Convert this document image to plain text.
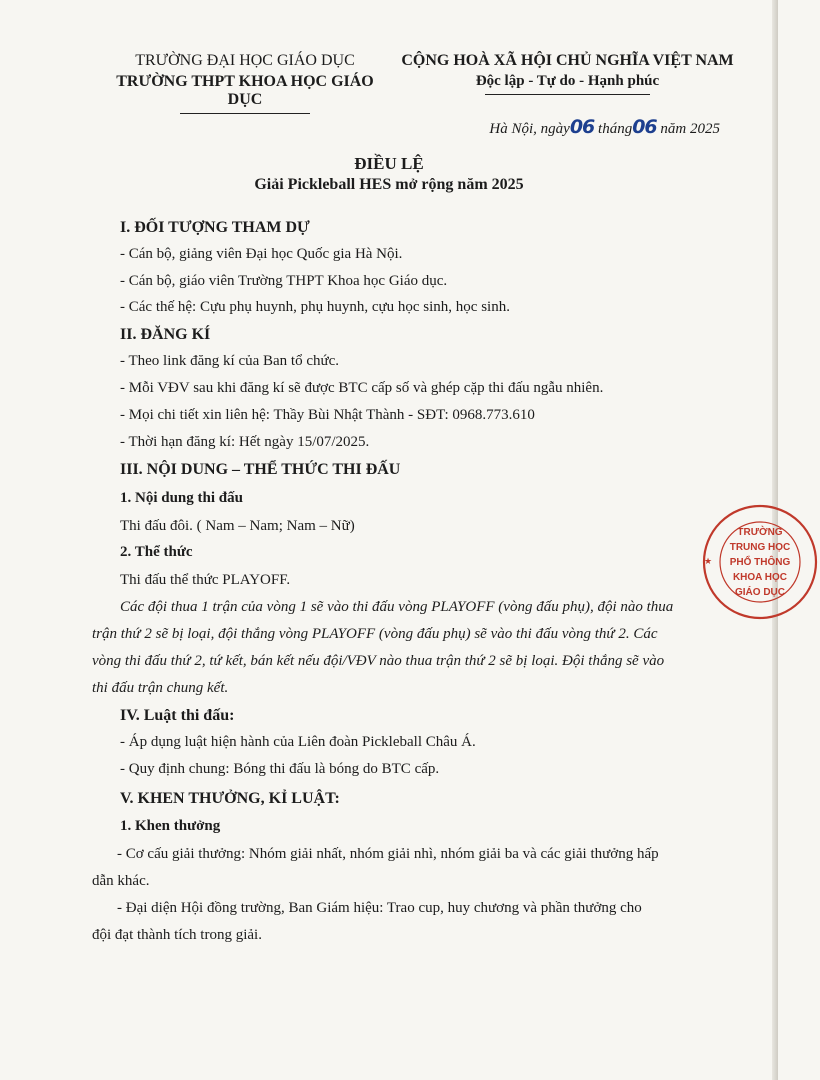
TRƯỜNG ĐẠI HỌC GIÁO DỤC
TRƯỜNG THPT KHOA HỌC GIÁO DỤC
CỘNG HOÀ XÃ HỘI CHỦ NGHĨA VIỆT NAM
Độc lập - Tự do - Hạnh phúc
Hà Nội, ngày06 tháng06 năm 2025
ĐIỀU LỆ
Giải Pickleball HES mở rộng năm 2025
I. ĐỐI TƯỢNG THAM DỰ
- Cán bộ, giảng viên Đại học Quốc gia Hà Nội.
- Cán bộ, giáo viên Trường THPT Khoa học Giáo dục.
- Các thế hệ: Cựu phụ huynh, phụ huynh, cựu học sinh, học sinh.
II. ĐĂNG KÍ
- Theo link đăng kí của Ban tổ chức.
- Mỗi VĐV sau khi đăng kí sẽ được BTC cấp số và ghép cặp thi đấu ngẫu nhiên.
- Mọi chi tiết xin liên hệ: Thầy Bùi Nhật Thành - SĐT: 0968.773.610
- Thời hạn đăng kí: Hết ngày 15/07/2025.
III. NỘI DUNG – THỂ THỨC THI ĐẤU
1. Nội dung thi đấu
Thi đấu đôi. ( Nam – Nam; Nam – Nữ)
2. Thể thức
Thi đấu thể thức PLAYOFF.
Các đội thua 1 trận của vòng 1 sẽ vào thi đấu vòng PLAYOFF (vòng đấu phụ), đội nào thua
trận thứ 2 sẽ bị loại, đội thắng vòng PLAYOFF (vòng đấu phụ) sẽ vào thi đấu vòng thứ 2. Các
vòng thi đấu thứ 2, tứ kết, bán kết nếu đội/VĐV nào thua trận thứ 2 sẽ bị loại. Đội thắng sẽ vào
thi đấu trận chung kết.
IV. Luật thi đấu:
- Áp dụng luật hiện hành của Liên đoàn Pickleball Châu Á.
- Quy định chung: Bóng thi đấu là bóng do BTC cấp.
V. KHEN THƯỞNG, KỈ LUẬT:
1. Khen thưởng
- Cơ cấu giải thưởng: Nhóm giải nhất, nhóm giải nhì, nhóm giải ba và các giải thưởng hấp
dẫn khác.
- Đại diện Hội đồng trường, Ban Giám hiệu: Trao cup, huy chương và phần thưởng cho
đội đạt thành tích trong giải.
TRƯỜNG
TRUNG HỌC
PHỔ THÔNG
KHOA HỌC
GIÁO DỤC
★
